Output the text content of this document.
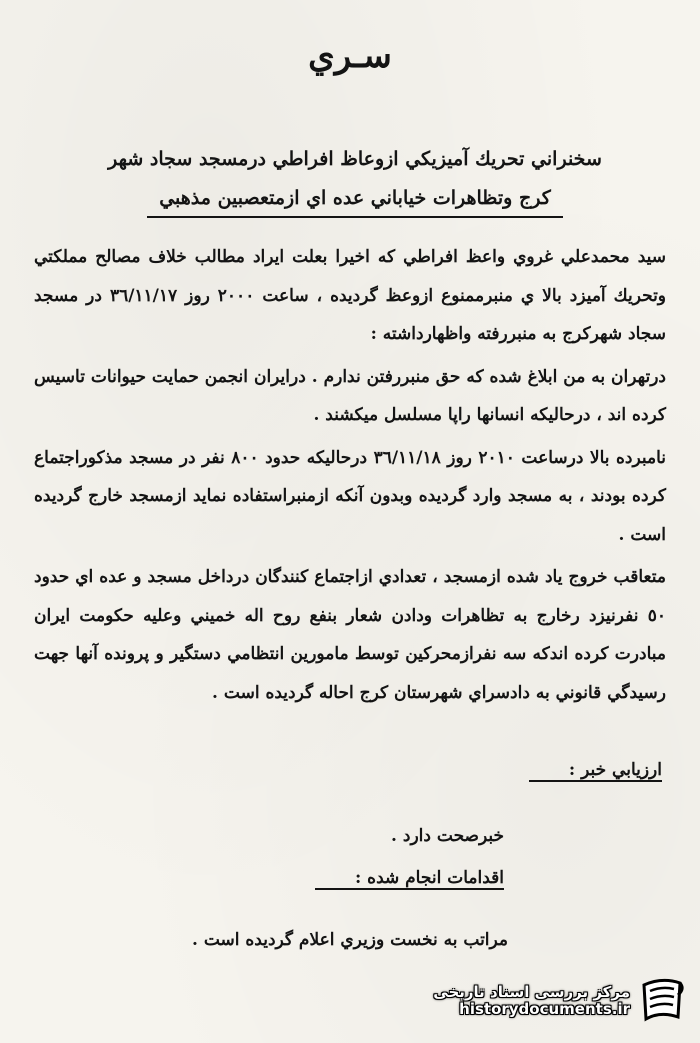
سـري
سخنراني تحريك آميزيكي ازوعاظ افراطي درمسجد سجاد شهر
كرج وتظاهرات خياباني عده اي ازمتعصبين مذهبي

سيد محمدعلي غروي واعظ افراطي كه اخيرا بعلت ايراد مطالب خلاف مصالح مملكتي وتحريك آميزد بالا ي منبرممنوع ازوعظ گرديده ، ساعت ٢٠٠٠ روز ٣٦/١١/١٧ در مسجد سجاد شهركرج به منبررفته واظهارداشته :

درتهران به من ابلاغ شده كه حق منبررفتن ندارم . درايران انجمن حمايت حيوانات تاسيس كرده اند ، درحاليكه انسانها راپا مسلسل ميكشند .

نامبرده بالا درساعت ٢٠١٠ روز ٣٦/١١/١٨ درحاليكه حدود ٨٠٠ نفر در مسجد مذكوراجتماع كرده بودند ، به مسجد وارد گرديده وبدون آنكه ازمنبراستفاده نمايد ازمسجد خارج گرديده است .

متعاقب خروج ياد شده ازمسجد ، تعدادي ازاجتماع كنندگان درداخل مسجد و عده اي حدود ٥٠ نفرنيزد رخارج به تظاهرات ودادن شعار بنفع روح اله خميني وعليه حكومت ايران مبادرت كرده اندكه سه نفرازمحركين توسط مامورين انتظامي دستگير و پرونده آنها جهت رسيدگي قانوني به دادسراي شهرستان كرج احاله گرديده است .

ارزيابي خبر :
خبرصحت دارد .
اقدامات انجام شده :
مراتب به نخست وزيري اعلام گرديده است .
مرکز بررسی اسناد تاریخی
historydocuments.ir
